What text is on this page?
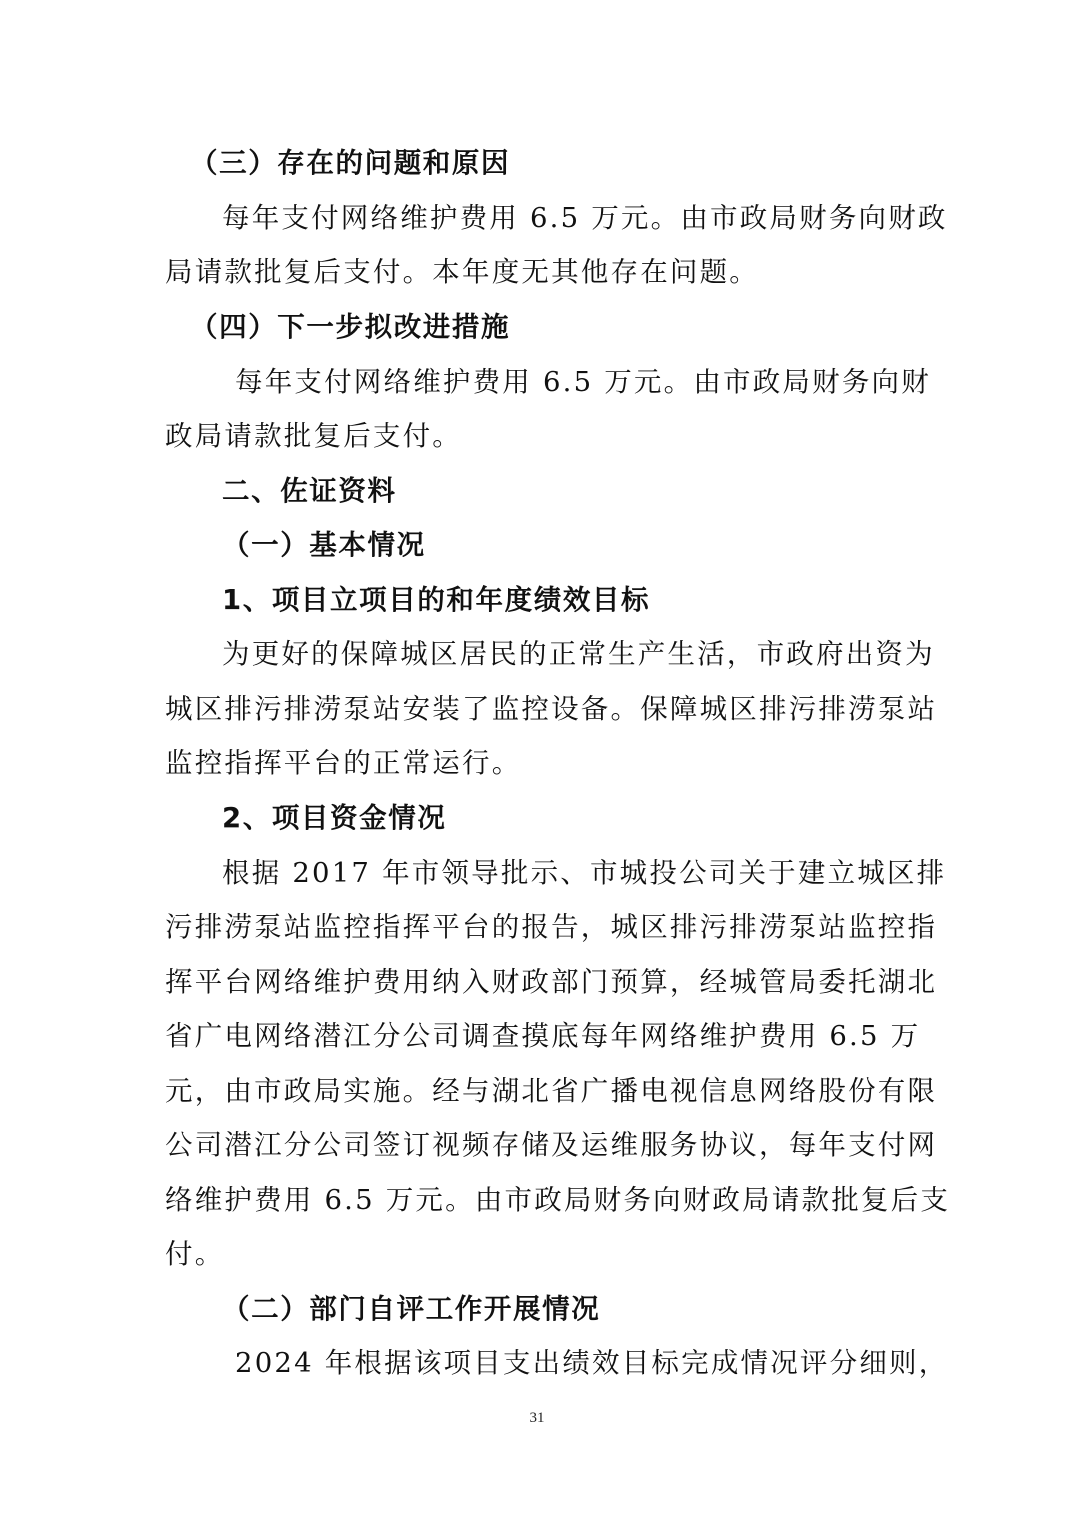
（三）存在的问题和原因

每年支付网络维护费用 6.5 万元。由市政局财务向财政

局请款批复后支付。本年度无其他存在问题。

（四）下一步拟改进措施

每年支付网络维护费用 6.5 万元。由市政局财务向财

政局请款批复后支付。

二、佐证资料

（一）基本情况

1、项目立项目的和年度绩效目标

为更好的保障城区居民的正常生产生活，市政府出资为

城区排污排涝泵站安装了监控设备。保障城区排污排涝泵站

监控指挥平台的正常运行。

2、项目资金情况

根据 2017 年市领导批示、市城投公司关于建立城区排

污排涝泵站监控指挥平台的报告，城区排污排涝泵站监控指

挥平台网络维护费用纳入财政部门预算，经城管局委托湖北

省广电网络潜江分公司调查摸底每年网络维护费用 6.5 万

元，由市政局实施。经与湖北省广播电视信息网络股份有限

公司潜江分公司签订视频存储及运维服务协议，每年支付网

络维护费用 6.5 万元。由市政局财务向财政局请款批复后支

付。

（二）部门自评工作开展情况

2024 年根据该项目支出绩效目标完成情况评分细则，

31
